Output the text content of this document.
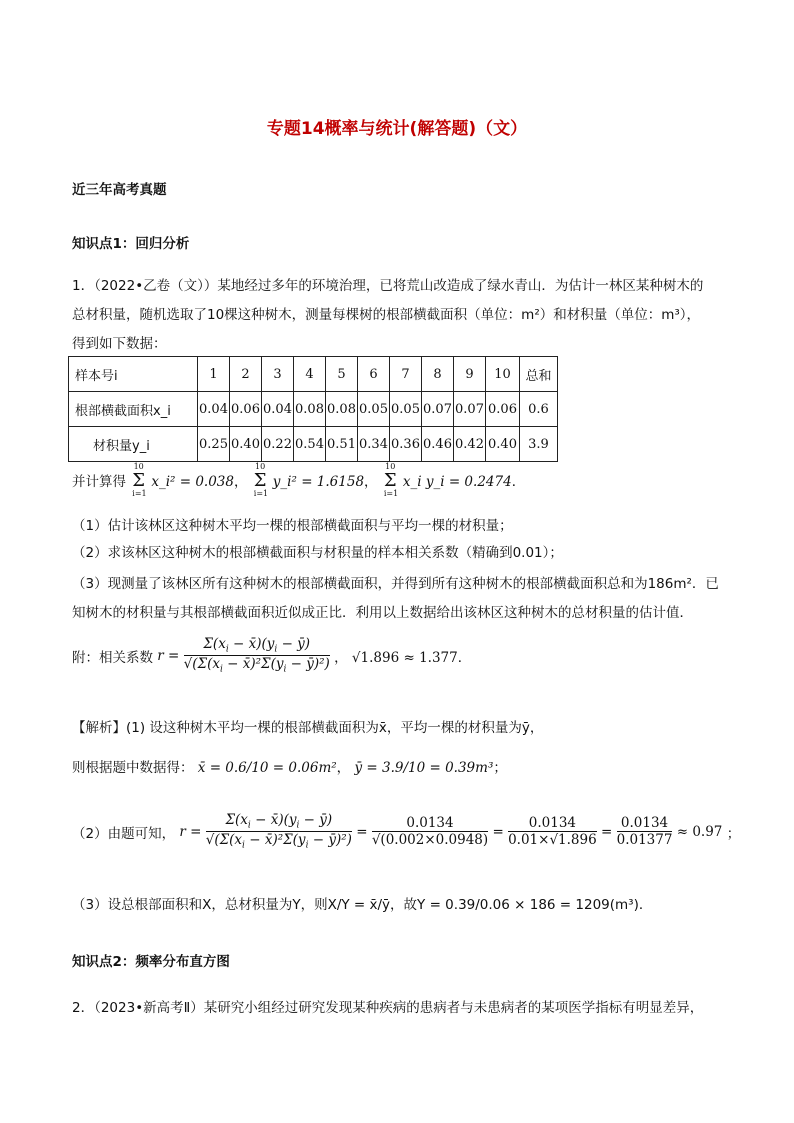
专题14概率与统计(解答题)（文）
近三年高考真题
知识点1：回归分析
1．（2022•乙卷（文））某地经过多年的环境治理，已将荒山改造成了绿水青山．为估计一林区某种树木的
总材积量，随机选取了10棵这种树木，测量每棵树的根部横截面积（单位：m²）和材积量（单位：m³），
得到如下数据：
样本号i	1	2	3	4	5	6	7	8	9	10	总和
根部横截面积x_i	0.04	0.06	0.04	0.08	0.08	0.05	0.05	0.07	0.07	0.06	0.6
材积量y_i	0.25	0.40	0.22	0.54	0.51	0.34	0.36	0.46	0.42	0.40	3.9
并计算得 Σ
10
i=1
x_i² = 0.038， Σ
10
i=1
y_i² = 1.6158， Σ
10
i=1
x_i y_i = 0.2474．
（1）估计该林区这种树木平均一棵的根部横截面积与平均一棵的材积量；
（2）求该林区这种树木的根部横截面积与材积量的样本相关系数（精确到0.01）；
（3）现测量了该林区所有这种树木的根部横截面积，并得到所有这种树木的根部横截面积总和为186m²．已
知树木的材积量与其根部横截面积近似成正比．利用以上数据给出该林区这种树木的总材积量的估计值．
附：相关系数 $r = \frac{\Sigma(x_i - x̄)(y_i - ȳ)}{√(\Sigma(x_i - x̄)^2\Sigma(y_i - ȳ)^2)}$ ， √1.896 ≈ 1.377．
【解析】(1) 设这种树木平均一棵的根部横截面积为x̄，平均一棵的材积量为ȳ，
则根据题中数据得： x̄ = 0.6/10 = 0.06m²， ȳ = 3.9/10 = 0.39m³；
（2）由题可知， $r = \frac{\Sigma(x_i - x̄)(y_i - ȳ)}{√(\Sigma(x_i - x̄)^2\Sigma(y_i - ȳ)^2)} = \frac{0.0134}{√(0.002\times 0.0948)} = \frac{0.0134}{0.01\times√1.896} = \frac{0.0134}{0.01377} \approx 0.97$ ；
（3）设总根部面积和X，总材积量为Y，则X/Y = x̄/ȳ，故Y = 0.39/0.06 × 186 = 1209(m³)．
知识点2：频率分布直方图
2．（2023•新高考Ⅱ）某研究小组经过研究发现某种疾病的患病者与未患病者的某项医学指标有明显差异，
